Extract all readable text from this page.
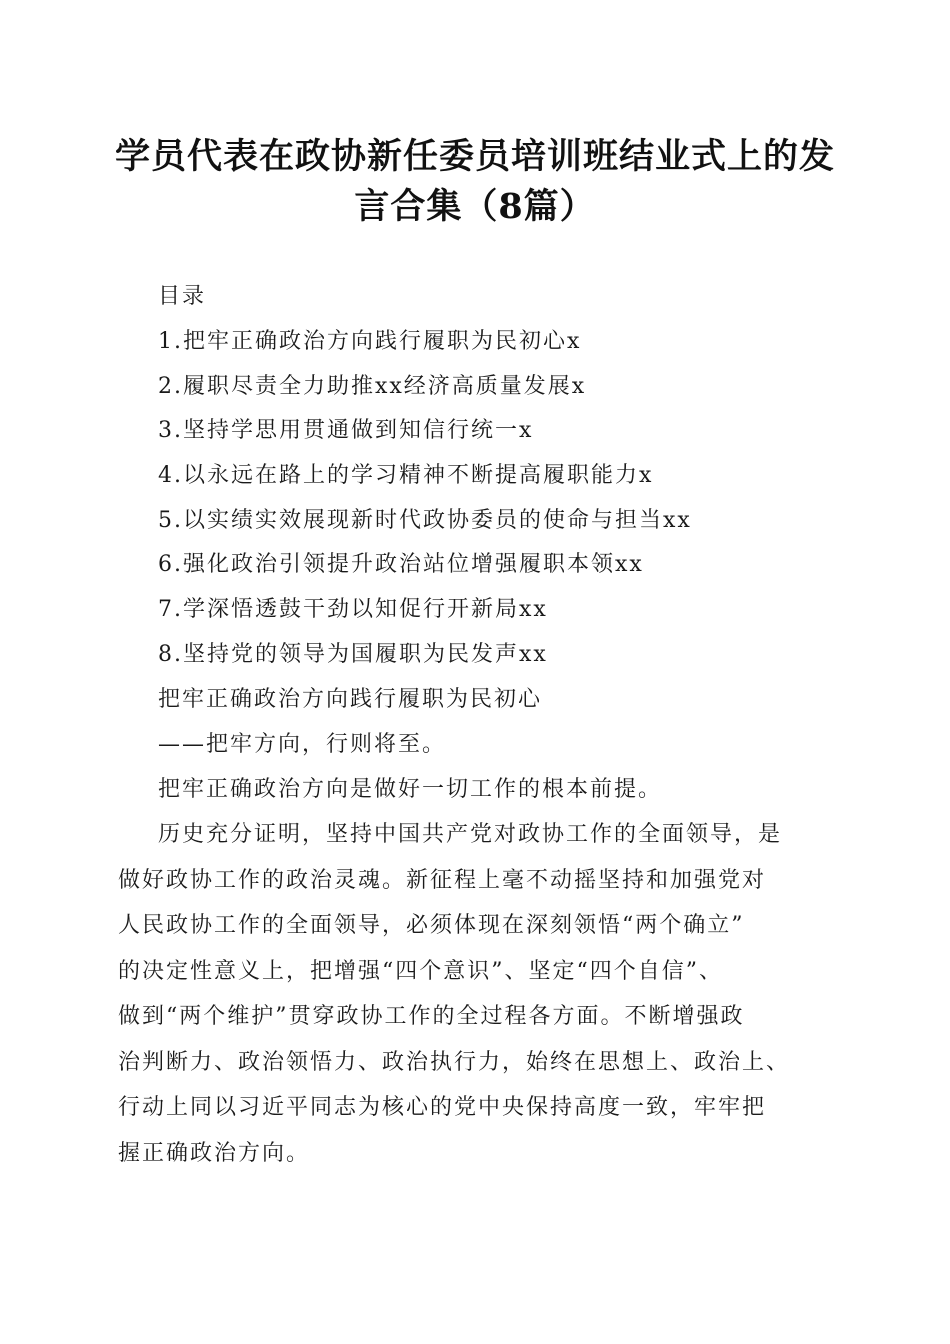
学员代表在政协新任委员培训班结业式上的发
言合集（8篇）
目录
1.把牢正确政治方向践行履职为民初心x
2.履职尽责全力助推xx经济高质量发展x
3.坚持学思用贯通做到知信行统一x
4.以永远在路上的学习精神不断提高履职能力x
5.以实绩实效展现新时代政协委员的使命与担当xx
6.强化政治引领提升政治站位增强履职本领xx
7.学深悟透鼓干劲以知促行开新局xx
8.坚持党的领导为国履职为民发声xx
把牢正确政治方向践行履职为民初心
——把牢方向，行则将至。
把牢正确政治方向是做好一切工作的根本前提。
历史充分证明，坚持中国共产党对政协工作的全面领导，是
做好政协工作的政治灵魂。新征程上毫不动摇坚持和加强党对
人民政协工作的全面领导，必须体现在深刻领悟“两个确立”
的决定性意义上，把增强“四个意识”、坚定“四个自信”、
做到“两个维护”贯穿政协工作的全过程各方面。不断增强政
治判断力、政治领悟力、政治执行力，始终在思想上、政治上、
行动上同以习近平同志为核心的党中央保持高度一致，牢牢把
握正确政治方向。
